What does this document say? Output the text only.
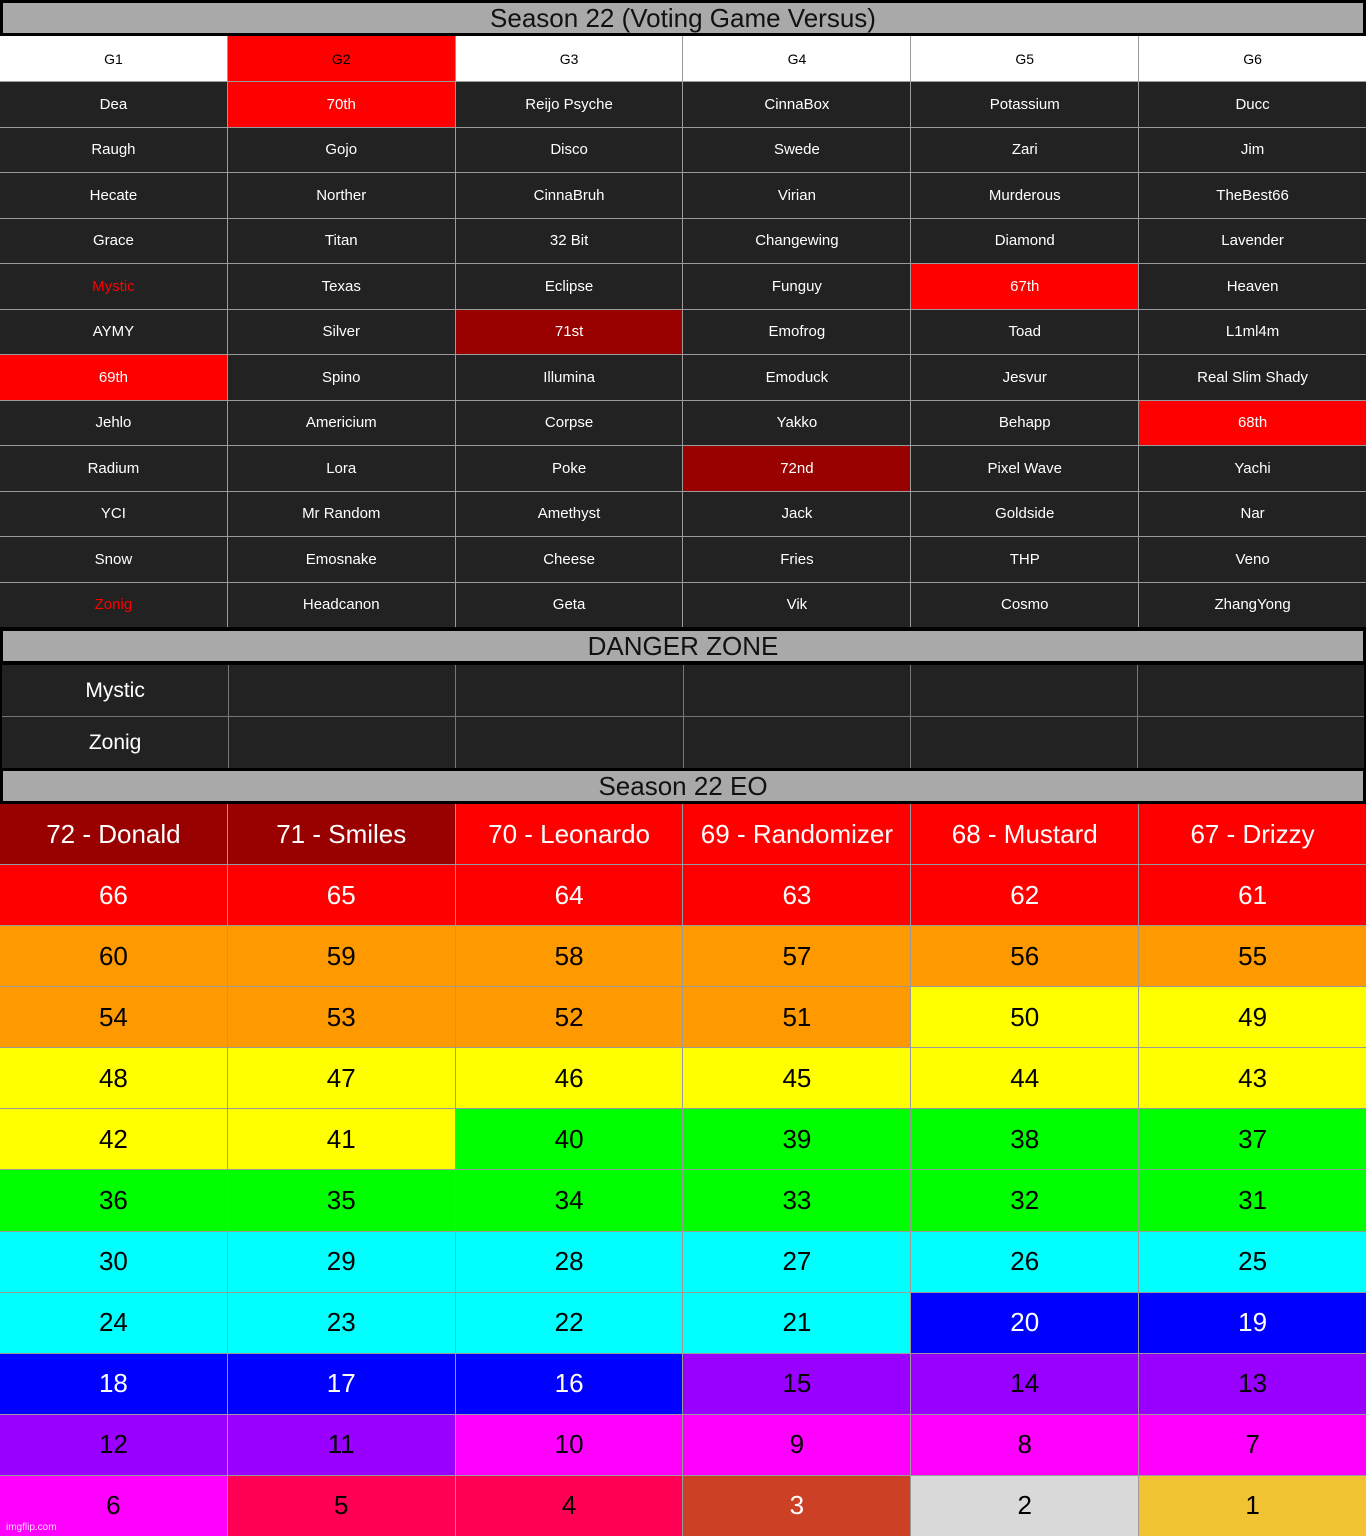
Season 22 (Voting Game Versus)
G1	G2	G3	G4	G5	G6
Dea	70th	Reijo Psyche	CinnaBox	Potassium	Ducc
Raugh	Gojo	Disco	Swede	Zari	Jim
Hecate	Norther	CinnaBruh	Virian	Murderous	TheBest66
Grace	Titan	32 Bit	Changewing	Diamond	Lavender
Mystic	Texas	Eclipse	Funguy	67th	Heaven
AYMY	Silver	71st	Emofrog	Toad	L1ml4m
69th	Spino	Illumina	Emoduck	Jesvur	Real Slim Shady
Jehlo	Americium	Corpse	Yakko	Behapp	68th
Radium	Lora	Poke	72nd	Pixel Wave	Yachi
YCI	Mr Random	Amethyst	Jack	Goldside	Nar
Snow	Emosnake	Cheese	Fries	THP	Veno
Zonig	Headcanon	Geta	Vik	Cosmo	ZhangYong
DANGER ZONE
Mystic
Zonig
Season 22 EO
72 - Donald	71 - Smiles	70 - Leonardo	69 - Randomizer	68 - Mustard	67 - Drizzy
66	65	64	63	62	61
60	59	58	57	56	55
54	53	52	51	50	49
48	47	46	45	44	43
42	41	40	39	38	37
36	35	34	33	32	31
30	29	28	27	26	25
24	23	22	21	20	19
18	17	16	15	14	13
12	11	10	9	8	7
6	5	4	3	2	1
imgflip.com
